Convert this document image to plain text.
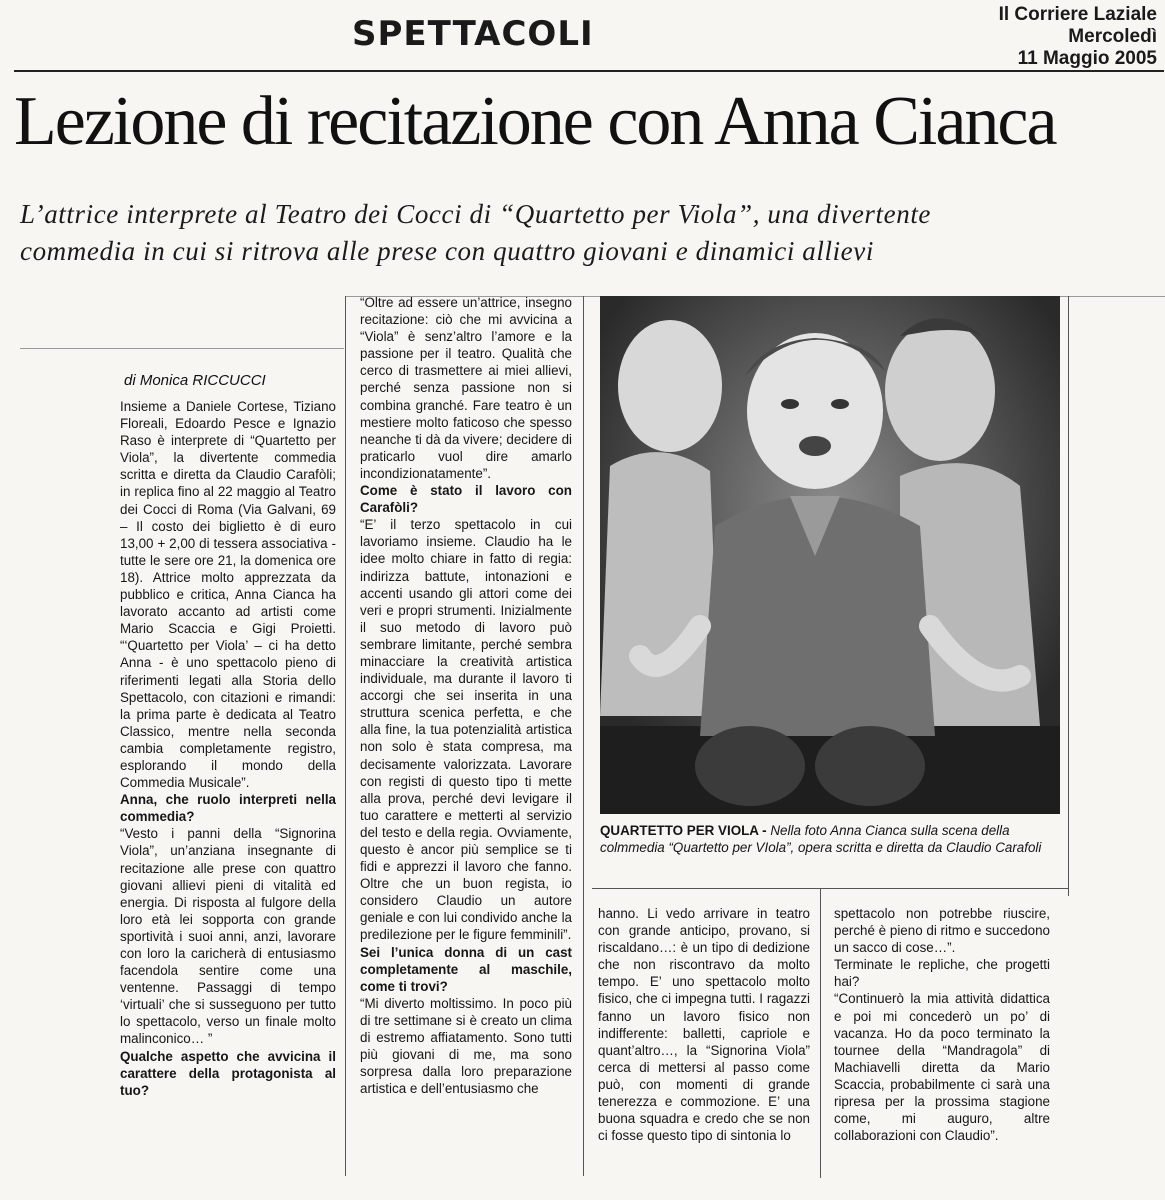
SPETTACOLI	Il Corriere Laziale
Mercoledì
11 Maggio 2005
Lezione di recitazione con Anna Cianca
L’attrice interprete al Teatro dei Cocci di “Quartetto per Viola”, una divertente
commedia in cui si ritrova alle prese con quattro giovani e dinamici allievi
di Monica RICCUCCI

Insieme a Daniele Cortese, Tiziano Floreali, Edoardo Pesce e Ignazio Raso è interprete di “Quartetto per Viola”, la divertente commedia scritta e diretta da Claudio Carafòli; in replica fino al 22 maggio al Teatro dei Cocci di Roma (Via Galvani, 69 – Il costo dei biglietto è di euro 13,00 + 2,00 di tessera associativa - tutte le sere ore 21, la domenica ore 18). Attrice molto apprezzata da pubblico e critica, Anna Cianca ha lavorato accanto ad artisti come Mario Scaccia e Gigi Proietti. “‘Quartetto per Viola’ – ci ha detto Anna - è uno spettacolo pieno di riferimenti legati alla Storia dello Spettacolo, con citazioni e rimandi: la prima parte è dedicata al Teatro Classico, mentre nella seconda cambia completamente registro, esplorando il mondo della Commedia Musicale”.

Anna, che ruolo interpreti nella commedia?

“Vesto i panni della “Signorina Viola”, un’anziana insegnante di recitazione alle prese con quattro giovani allievi pieni di vitalità ed energia. Di risposta al fulgore della loro età lei sopporta con grande sportività i suoi anni, anzi, lavorare con loro la caricherà di entusiasmo facendola sentire come una ventenne. Passaggi di tempo ‘virtuali’ che si susseguono per tutto lo spettacolo, verso un finale molto malinconico… ”

Qualche aspetto che avvicina il carattere della protagonista al tuo?

“Oltre ad essere un’attrice, insegno recitazione: ciò che mi avvicina a “Viola” è senz’altro l’amore e la passione per il teatro. Qualità che cerco di trasmettere ai miei allievi, perché senza passione non si combina granché. Fare teatro è un mestiere molto faticoso che spesso neanche ti dà da vivere; decidere di praticarlo vuol dire amarlo incondizionatamente”.

Come è stato il lavoro con Carafòli?

“E’ il terzo spettacolo in cui lavoriamo insieme. Claudio ha le idee molto chiare in fatto di regia: indirizza battute, intonazioni e accenti usando gli attori come dei veri e propri strumenti. Inizialmente il suo metodo di lavoro può sembrare limitante, perché sembra minacciare la creatività artistica individuale, ma durante il lavoro ti accorgi che sei inserita in una struttura scenica perfetta, e che alla fine, la tua potenzialità artistica non solo è stata compresa, ma decisamente valorizzata. Lavorare con registi di questo tipo ti mette alla prova, perché devi levigare il tuo carattere e metterti al servizio del testo e della regia. Ovviamente, questo è ancor più semplice se ti fidi e apprezzi il lavoro che fanno. Oltre che un buon regista, io considero Claudio un autore geniale e con lui condivido anche la predilezione per le figure femminili”.

Sei l’unica donna di un cast completamente al maschile, come ti trovi?

“Mi diverto moltissimo. In poco più di tre settimane si è creato un clima di estremo affiatamento. Sono tutti più giovani di me, ma sono sorpresa dalla loro preparazione artistica e dell’entusiasmo che

QUARTETTO PER VIOLA - Nella foto Anna Cianca sulla scena della colmmedia “Quartetto per VIola”, opera scritta e diretta da Claudio Carafoli

hanno. Li vedo arrivare in teatro con grande anticipo, provano, si riscaldano…: è un tipo di dedizione che non riscontravo da molto tempo. E’ uno spettacolo molto fisico, che ci impegna tutti. I ragazzi fanno un lavoro fisico non indifferente: balletti, capriole e quant’altro…, la “Signorina Viola” cerca di mettersi al passo come può, con momenti di grande tenerezza e commozione. E’ una buona squadra e credo che se non ci fosse questo tipo di sintonia lo

spettacolo non potrebbe riuscire, perché è pieno di ritmo e succedono un sacco di cose…”.

Terminate le repliche, che progetti hai?

“Continuerò la mia attività didattica e poi mi concederò un po’ di vacanza. Ho da poco terminato la tournee della “Mandragola” di Machiavelli diretta da Mario Scaccia, probabilmente ci sarà una ripresa per la prossima stagione come, mi auguro, altre collaborazioni con Claudio”.
